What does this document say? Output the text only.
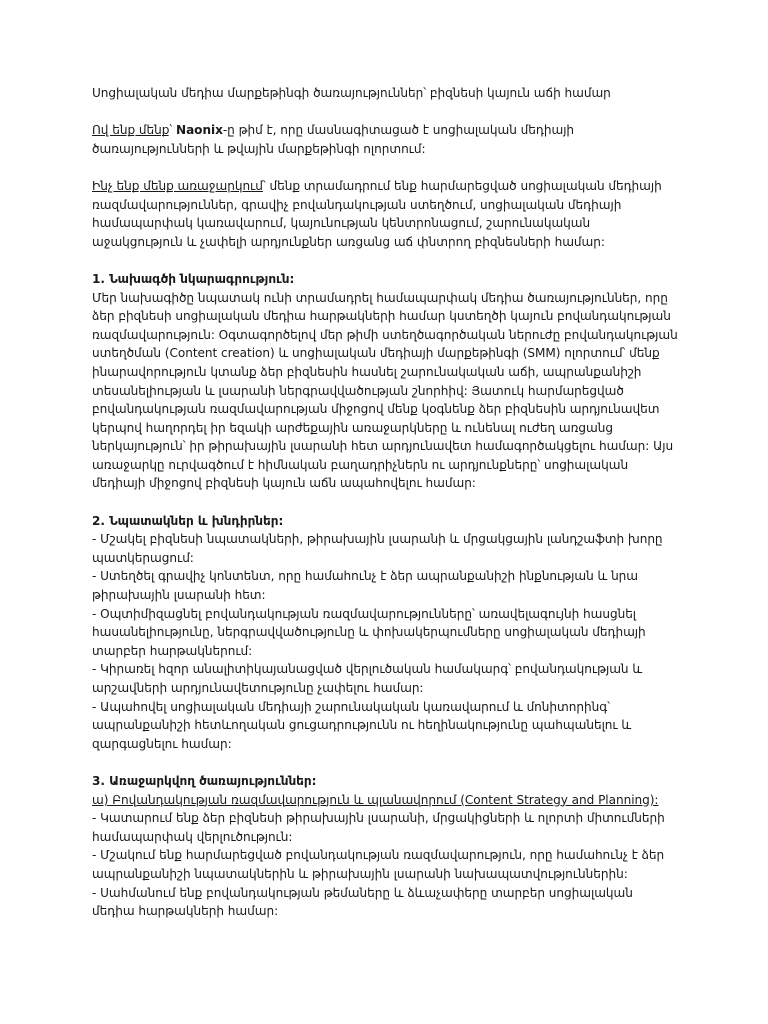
Սոցիալական մեդիա մարքեթինգի ծառայություններ՝ բիզնեսի կայուն աճի համար

Ով ենք մենք՝ Naonix-ը թիմ է, որը մասնագիտացած է սոցիալական մեդիայի ծառայությունների և թվային մարքեթինգի ոլորտում:

Ինչ ենք մենք առաջարկում՝ մենք տրամադրում ենք հարմարեցված սոցիալական մեդիայի ռազմավարություններ, գրավիչ բովանդակության ստեղծում, սոցիալական մեդիայի համապարփակ կառավարում, կայունության կենտրոնացում, շարունակական աջակցություն և չափելի արդյունքներ առցանց աճ փնտրող բիզնեսների համար:

1. Նախագծի նկարագրություն:

Մեր նախագիծը նպատակ ունի տրամադրել համապարփակ մեդիա ծառայություններ, որը ձեր բիզնեսի սոցիալական մեդիա հարթակների համար կստեղծի կայուն բովանդակության ռազմավարություն: Օգտագործելով մեր թիմի ստեղծագործական ներուժը բովանդակության ստեղծման (Content creation) և սոցիալական մեդիայի մարքեթինգի (SMM) ոլորտում՝ մենք ինարավորություն կտանք ձեր բիզնեսին հասնել շարունակական աճի, ապրանքանիշի տեսանելիության և լսարանի ներգրավվածության շնորհիվ: Յատուկ հարմարեցված բովանդակության ռազմավարության միջոցով մենք կօգնենք ձեր բիզնեսին արդյունավետ կերպով հաղորդել իր եզակի արժեքային առաջարկները և ունենալ ուժեղ առցանց ներկայություն՝ իր թիրախային լսարանի հետ արդյունավետ համագործակցելու համար: Այս առաջարկը ուրվագծում է հիմնական բաղադրիչներն ու արդյունքները՝ սոցիալական մեդիայի միջոցով բիզնեսի կայուն աճն ապահովելու համար:

2. Նպատակներ և խնդիրներ:

- Մշակել բիզնեսի նպատակների, թիրախային լսարանի և մրցակցային լանդշաֆտի խորը պատկերացում:

- Ստեղծել գրավիչ կոնտենտ, որը համահունչ է ձեր ապրանքանիշի ինքնության և նրա թիրախային լսարանի հետ:

- Օպտիմիզացնել բովանդակության ռազմավարությունները՝ առավելագույնի հասցնել հասանելիությունը, ներգրավվածությունը և փոխակերպումները սոցիալական մեդիայի տարբեր հարթակներում:

- Կիրառել հզոր անալիտիկայանացված վերլուծական համակարգ՝ բովանդակության և արշավների արդյունավետությունը չափելու համար:

- Ապահովել սոցիալական մեդիայի շարունակական կառավարում և մոնիտորինգ՝ ապրանքանիշի հետևողական ցուցադրությունն ու հեղինակությունը պահպանելու և զարգացնելու համար:

3. Առաջարկվող ծառայություններ:

ա) Բովանդակության ռազմավարություն և պլանավորում (Content Strategy and Planning):

- Կատարում ենք ձեր բիզնեսի թիրախային լսարանի, մրցակիցների և ոլորտի միտումների համապարփակ վերլուծություն:

- Մշակում ենք հարմարեցված բովանդակության ռազմավարություն, որը համահունչ է ձեր ապրանքանիշի նպատակներին և թիրախային լսարանի նախապատվություններին:

- Սահմանում ենք բովանդակության թեմաները և ձևաչափերը տարբեր սոցիալական մեդիա հարթակների համար:
